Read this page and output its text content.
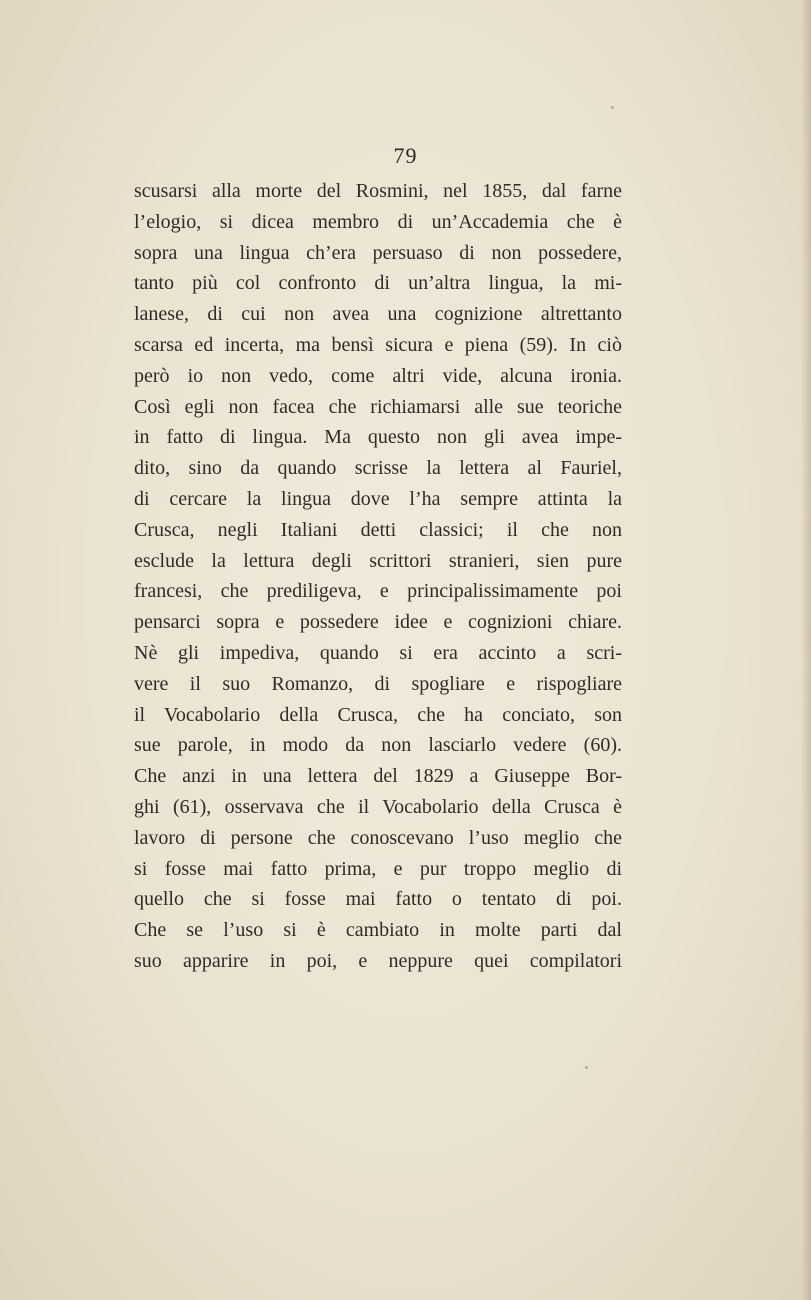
79
scusarsi alla morte del Rosmini, nel 1855, dal farne
l’elogio, si dicea membro di un’Accademia che è
sopra una lingua ch’era persuaso di non possedere,
tanto più col confronto di un’altra lingua, la mi-
lanese, di cui non avea una cognizione altrettanto
scarsa ed incerta, ma bensì sicura e piena (59). In ciò
però io non vedo, come altri vide, alcuna ironia.
Così egli non facea che richiamarsi alle sue teoriche
in fatto di lingua. Ma questo non gli avea impe-
dito, sino da quando scrisse la lettera al Fauriel,
di cercare la lingua dove l’ha sempre attinta la
Crusca, negli Italiani detti classici; il che non
esclude la lettura degli scrittori stranieri, sien pure
francesi, che prediligeva, e principalissimamente poi
pensarci sopra e possedere idee e cognizioni chiare.
Nè gli impediva, quando si era accinto a scri-
vere il suo Romanzo, di spogliare e rispogliare
il Vocabolario della Crusca, che ha conciato, son
sue parole, in modo da non lasciarlo vedere (60).
Che anzi in una lettera del 1829 a Giuseppe Bor-
ghi (61), osservava che il Vocabolario della Crusca è
lavoro di persone che conoscevano l’uso meglio che
si fosse mai fatto prima, e pur troppo meglio di
quello che si fosse mai fatto o tentato di poi.
Che se l’uso si è cambiato in molte parti dal
suo apparire in poi, e neppure quei compilatori
